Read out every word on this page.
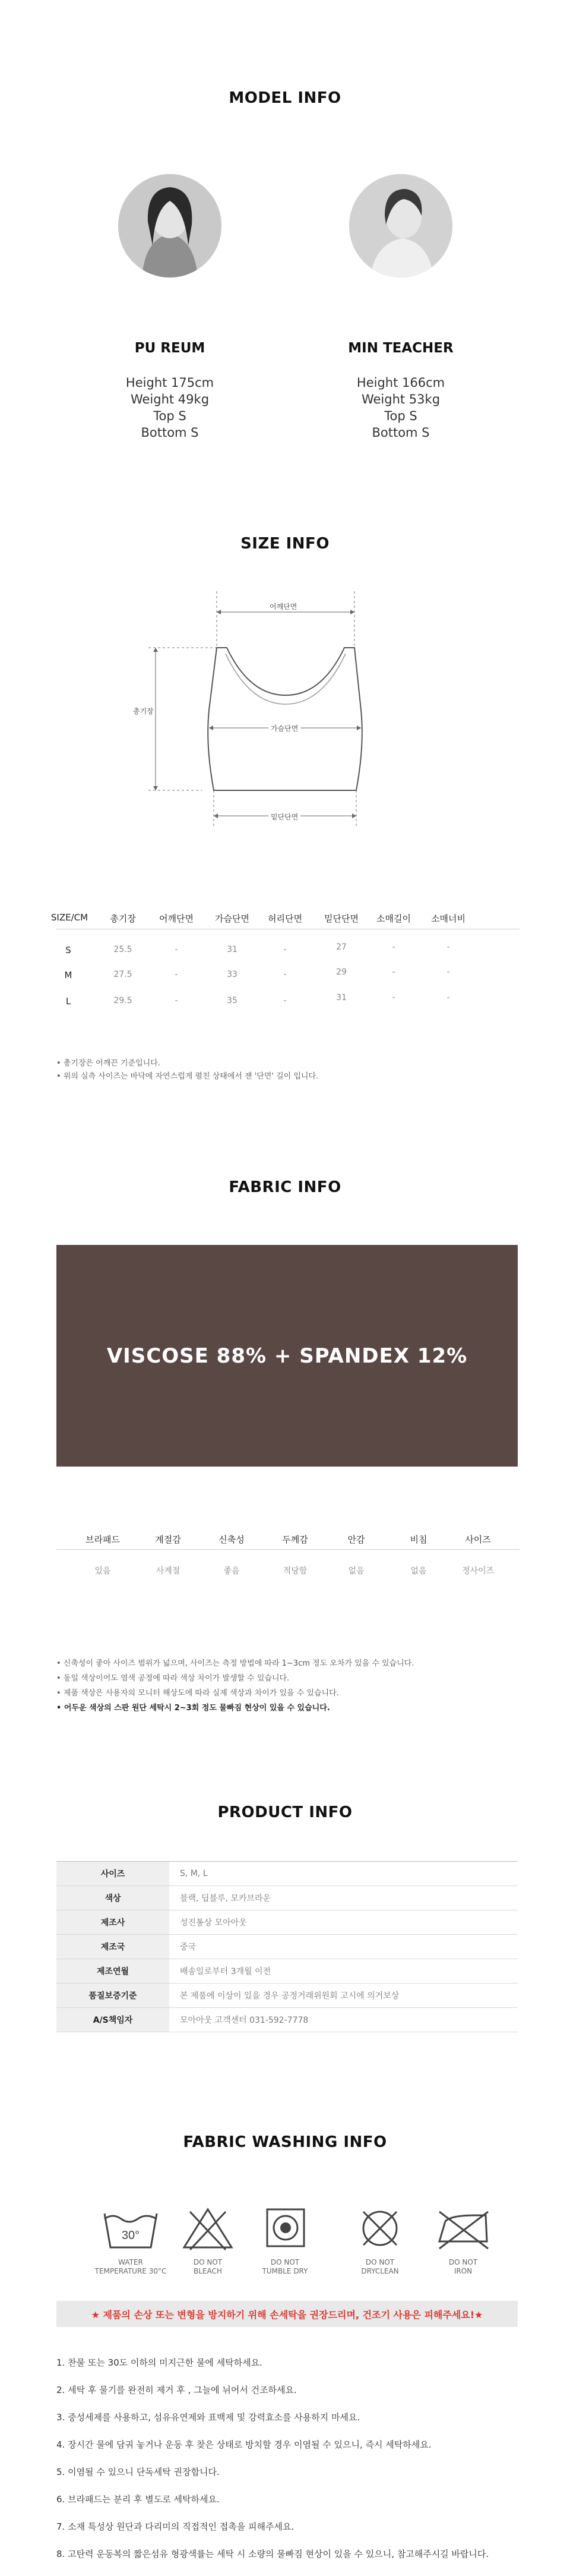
MODEL INFO
PU REUM
Height 175cm
Weight 49kg
Top S
Bottom S
MIN TEACHER
Height 166cm
Weight 53kg
Top S
Bottom S
SIZE INFO
어깨단면
총기장
가슴단면
밑단단면
SIZE/CM	총기장	어깨단면	가슴단면	허리단면	밑단단면	소매길이	소매너비
S	25.5	-	31	-	27	-	-
M	27.5	-	33	-	29	-	-
L	29.5	-	35	-	31	-	-
• 총기장은 어깨끈 기준입니다.
• 위의 실측 사이즈는 바닥에 자연스럽게 펼친 상태에서 잰 '단면' 길이 입니다.
FABRIC INFO
VISCOSE 88% + SPANDEX 12%
브라패드	계절감	신축성	두께감	안감	비침	사이즈
있음	사계절	좋음	적당함	없음	없음	정사이즈
• 신축성이 좋아 사이즈 범위가 넓으며, 사이즈는 측정 방법에 따라 1~3cm 정도 오차가 있을 수 있습니다.
• 동일 색상이어도 염색 공정에 따라 색상 차이가 발생할 수 있습니다.
• 제품 색상은 사용자의 모니터 해상도에 따라 실제 색상과 차이가 있을 수 있습니다.
• 어두운 색상의 스판 원단 세탁시 2~3회 정도 물빠짐 현상이 있을 수 있습니다.
PRODUCT INFO
사이즈	S, M, L
색상	블랙, 딥블루, 모카브라운
제조사	성진통상 모아아웃
제조국	중국
제조연월	배송일로부터 3개월 이전
품질보증기준	본 제품에 이상이 있을 경우 공정거래위원회 고시에 의거보상
A/S책임자	모아아웃 고객센터 031-592-7778
FABRIC WASHING INFO
30°
WATER
TEMPERATURE 30°C
DO NOT
BLEACH
DO NOT
TUMBLE DRY
DO NOT
DRYCLEAN
DO NOT
IRON
★ 제품의 손상 또는 변형을 방지하기 위해 손세탁을 권장드리며, 건조기 사용은 피해주세요!★
1. 찬물 또는 30도 이하의 미지근한 물에 세탁하세요.
2. 세탁 후 물기를 완전히 제거 후 , 그늘에 뉘어서 건조하세요.
3. 중성세제를 사용하고, 섬유유연제와 표백제 및 강력효소를 사용하지 마세요.
4. 장시간 물에 담궈 놓거나 운동 후 찾은 상태로 방치할 경우 이염될 수 있으니, 즉시 세탁하세요.
5. 이염될 수 있으니 단독세탁 권장합니다.
6. 브라패드는 분리 후 별도로 세탁하세요.
7. 소재 특성상 원단과 다리미의 직접적인 접촉을 피해주세요.
8. 고탄력 운동복의 짧은섬유 형광색률는 세탁 시 소량의 물빠짐 현상이 있을 수 있으니, 참고해주시길 바랍니다.
